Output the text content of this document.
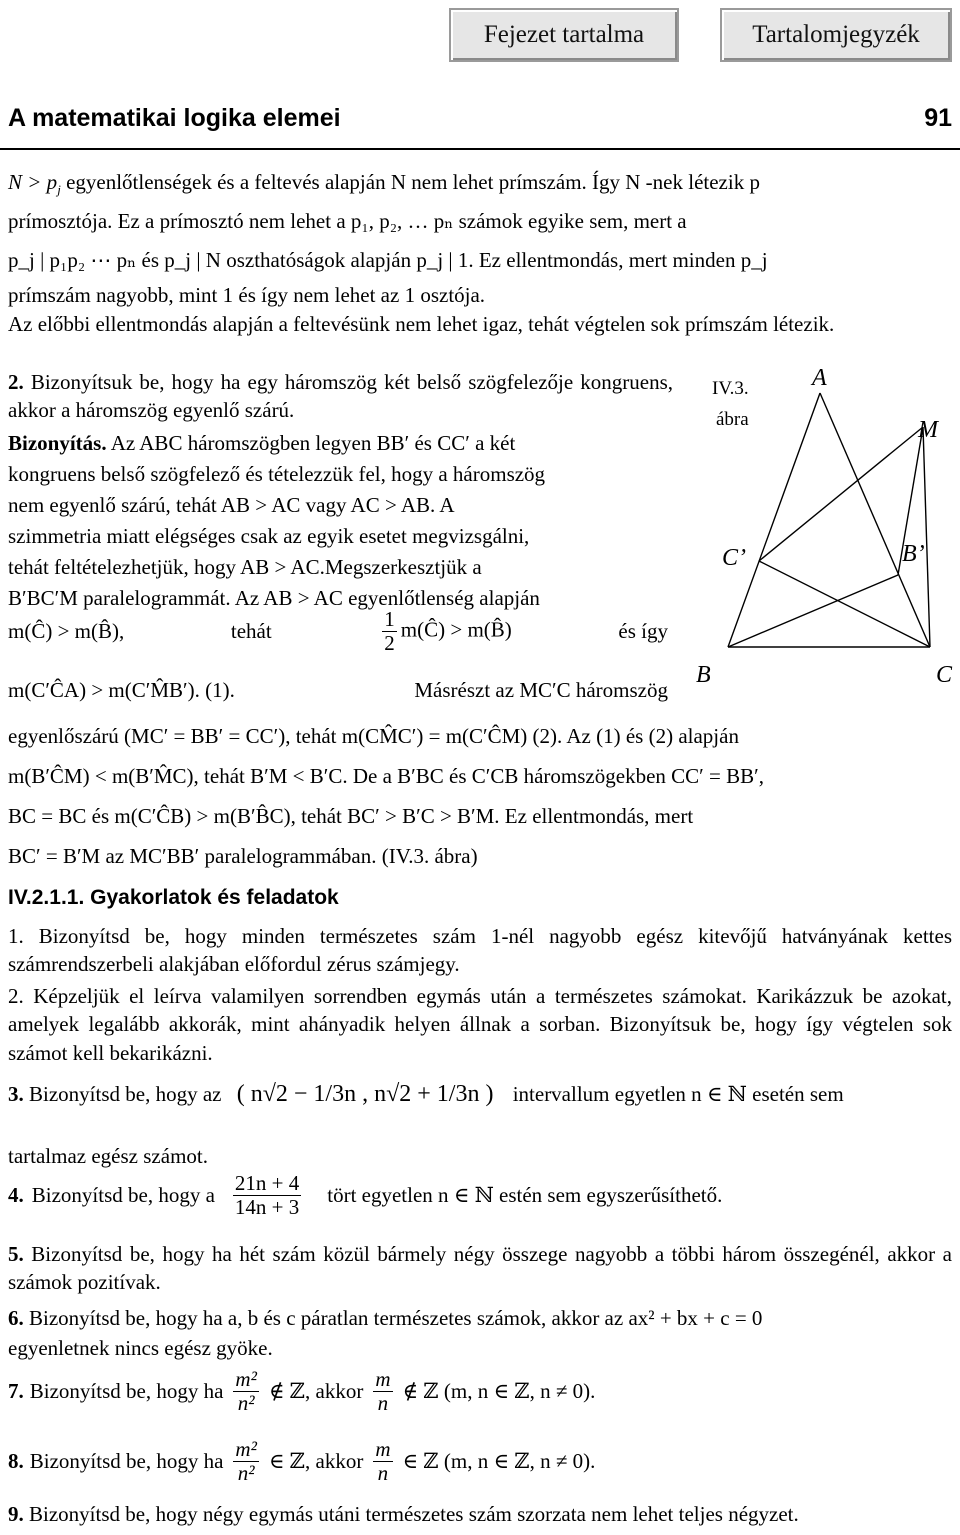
Fejezet tartalma	Tartalomjegyzék
A matematikai logika elemei	91
$N > p_j$ egyenlőtlenségek és a feltevés alapján N nem lehet prímszám. Így N -nek létezik p
prímosztója. Ez a prímosztó nem lehet a p₁, p₂, … pₙ számok egyike sem, mert a
p_j | p₁p₂ ⋯ pₙ és p_j | N oszthatóságok alapján p_j | 1. Ez ellentmondás, mert minden p_j
prímszám nagyobb, mint 1 és így nem lehet az 1 osztója.
Az előbbi ellentmondás alapján a feltevésünk nem lehet igaz, tehát végtelen sok prímszám létezik.
2. Bizonyítsuk be, hogy ha egy háromszög két belső szögfelezője kongruens, akkor a háromszög egyenlő szárú.
Bizonyítás. Az ABC háromszögben legyen BB′ és CC′ a két
kongruens belső szögfelező és tételezzük fel, hogy a háromszög
nem egyenlő szárú, tehát AB > AC vagy AC > AB. A
szimmetria miatt elégséges csak az egyik esetet megvizsgálni,
tehát feltételezhetjük, hogy AB > AC.Megszerkesztjük a
B′BC′M paralelogrammát. Az AB > AC egyenlőtlenség alapján
m(Ĉ) > m(B̂),	tehát	$\frac{1}{2}$ m(Ĉ) > m(B̂)	és így
m(C′ĈA) > m(C′M̂B′). (1).	Másrészt az MC′C háromszög
IV.3.
ábra
A
M
C’	B’
B	C
egyenlőszárú (MC′ = BB′ = CC′), tehát m(CM̂C′) = m(C′ĈM) (2). Az (1) és (2) alapján
m(B′ĈM) < m(B′M̂C), tehát B′M < B′C. De a B′BC és C′CB háromszögekben CC′ = BB′,
BC = BC és m(C′ĈB) > m(B′B̂C), tehát BC′ > B′C > B′M. Ez ellentmondás, mert
BC′ = B′M az MC′BB′ paralelogrammában. (IV.3. ábra)
IV.2.1.1. Gyakorlatok és feladatok
1. Bizonyítsd be, hogy minden természetes szám 1-nél nagyobb egész kitevőjű hatványának kettes számrendszerbeli alakjában előfordul zérus számjegy.
2. Képzeljük el leírva valamilyen sorrendben egymás után a természetes számokat. Karikázzuk be azokat, amelyek legalább akkorák, mint ahányadik helyen állnak a sorban. Bizonyítsuk be, hogy így végtelen sok számot kell bekarikázni.
3. Bizonyítsd be, hogy az ( n√2 − 1/3n , n√2 + 1/3n ) intervallum egyetlen n ∈ ℕ esetén sem
tartalmaz egész számot.
4. Bizonyítsd be, hogy a $\frac{21n + 4}{14n + 3}$ tört egyetlen n ∈ ℕ estén sem egyszerűsíthető.
5. Bizonyítsd be, hogy ha hét szám közül bármely négy összege nagyobb a többi három összegénél, akkor a számok pozitívak.
6. Bizonyítsd be, hogy ha a, b és c páratlan természetes számok, akkor az ax² + bx + c = 0
egyenletnek nincs egész gyöke.
7. Bizonyítsd be, hogy ha $\frac{\text{m²}}{\text{n²}}$ ∉ ℤ, akkor $\frac{m}{n}$ ∉ ℤ (m, n ∈ ℤ, n ≠ 0).
8. Bizonyítsd be, hogy ha $\frac{\text{m²}}{\text{n²}}$ ∈ ℤ, akkor $\frac{m}{n}$ ∈ ℤ (m, n ∈ ℤ, n ≠ 0).
9. Bizonyítsd be, hogy négy egymás utáni természetes szám szorzata nem lehet teljes négyzet.
